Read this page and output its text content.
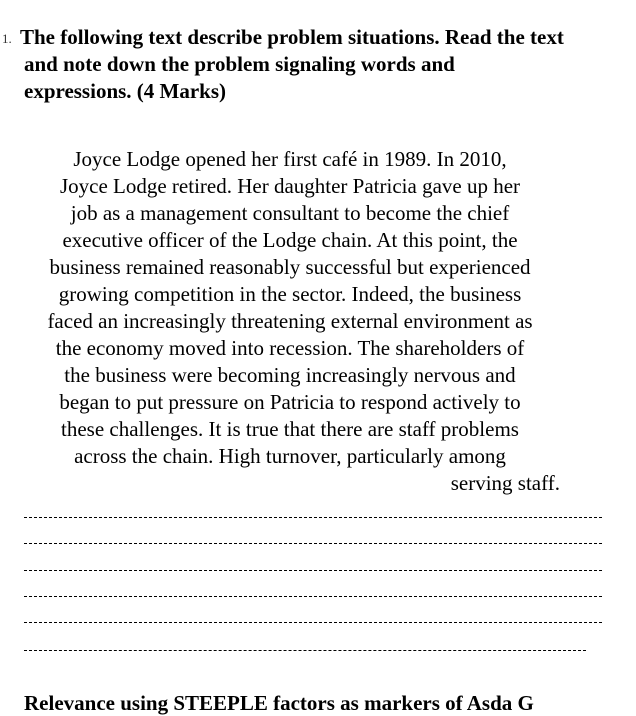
1. The following text describe problem situations. Read the text
and note down the problem signaling words and
expressions. (4 Marks)
Joyce Lodge opened her first café in 1989. In 2010,
Joyce Lodge retired. Her daughter Patricia gave up her
job as a management consultant to become the chief
executive officer of the Lodge chain. At this point, the
business remained reasonably successful but experienced
growing competition in the sector. Indeed, the business
faced an increasingly threatening external environment as
the economy moved into recession. The shareholders of
the business were becoming increasingly nervous and
began to put pressure on Patricia to respond actively to
these challenges. It is true that there are staff problems
across the chain. High turnover, particularly among
serving staff.
Relevance using STEEPLE factors as markers of Asda G
